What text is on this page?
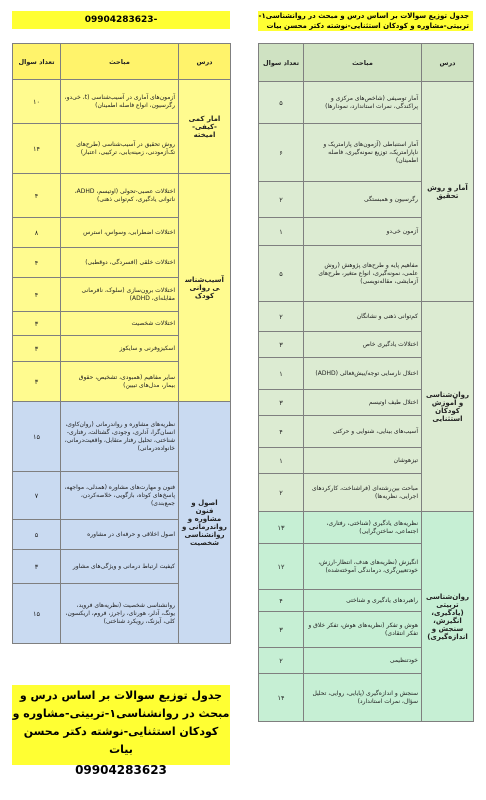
09904283623-	جدول توزیع سوالات بر اساس درس و مبحث در روانشناسی۱-تربیتی-مشاوره و کودکان استثنایی-نوشته دکتر محسن بیات
درس	مباحث	تعداد سوال
امار کمی -کیفی-امیخته	آزمون‌های آماری در آسیب‌شناسی (t، خی‌دو، رگرسیون، انواع فاصله اطمینان)	۱۰
	روش تحقیق در آسیب‌شناسی (طرح‌های تک‌آزمودنی، زمینه‌یابی، ترکیبی، اعتبار)	۱۴
آسیب‌شناسی روانی کودک	اختلالات عصبی-تحولی (اوتیسم، ADHD، ناتوانی یادگیری، کم‌توانی ذهنی)	۴
	اختلالات اضطرابی، وسواس، استرس	۸
	اختلالات خلقی (افسردگی، دوقطبی)	۴
	اختلالات برون‌سازی (سلوک، نافرمانی مقابله‌ای، ADHD)	۴
	اختلالات شخصیت	۳
	اسکیزوفرنی و سایکوز	۳
	سایر مفاهیم (همبودی، تشخیص، حقوق بیمار، مدل‌های تبیین)	۳
اصول و فنون مشاوره و رواندرمانی و روانشناسی شخصیت	نظریه‌های مشاوره و رواندرمانی (روان‌کاوی، انسان‌گرا، آدلری، وجودی، گشتالت، رفتاری-شناختی، تحلیل رفتار متقابل، واقعیت‌درمانی، خانواده‌درمانی)	۱۵
	فنون و مهارت‌های مشاوره (همدلی، مواجهه، پاسخ‌های کوتاه، بازگویی، خلاصه‌کردن، جمع‌بندی)	۷
	اصول اخلاقی و حرفه‌ای در مشاوره	۵
	کیفیت ارتباط درمانی و ویژگی‌های مشاور	۳
	روانشناسی شخصیت (نظریه‌های فروید، یونگ، آدلر، هورنای، راجرز، فروم، اریکسون، کلی، آیزنک، رویکرد شناختی)	۱۵
جدول توزیع سوالات بر اساس درس و مبحث در روانشناسی۱-تربیتی-مشاوره و کودکان استثنایی-نوشته دکتر محسن بیات
09904283623
درس	مباحث	تعداد سوال
آمار و روش تحقیق	آمار توصیفی (شاخص‌های مرکزی و پراکندگی، نمرات استاندارد، نمودارها)	۵
	آمار استنباطی (آزمون‌های پارامتریک و ناپارامتریک، توزیع نمونه‌گیری، فاصله اطمینان)	۶
	رگرسیون و همبستگی	۲
	آزمون خی‌دو	۱
	مفاهیم پایه و طرح‌های پژوهش (روش علمی، نمونه‌گیری، انواع متغیر، طرح‌های آزمایشی، مقاله‌نویسی)	۵
روان‌شناسی و آموزش کودکان استثنایی	کم‌توانی ذهنی و نشانگان	۲
	اختلالات یادگیری خاص	۳
	اختلال نارسایی توجه/بیش‌فعالی (ADHD)	۱
	اختلال طیف اوتیسم	۳
	آسیب‌های بینایی، شنوایی و حرکتی	۴
	تیزهوشان	۱
	مباحث بین‌رشته‌ای (فراشناخت، کارکردهای اجرایی، نظریه‌ها)	۲
روان‌شناسی تربیتی (یادگیری، انگیزش، سنجش و اندازه‌گیری)	نظریه‌های یادگیری (شناختی، رفتاری، اجتماعی، ساختن‌گرایی)	۱۳
	انگیزش (نظریه‌های هدف، انتظار-ارزش، خودتعیین‌گری، درماندگی آموخته‌شده)	۱۲
	راهبردهای یادگیری و شناختی	۴
	هوش و تفکر (نظریه‌های هوش، تفکر خلاق و تفکر انتقادی)	۳
	خودتنظیمی	۲
	سنجش و اندازه‌گیری (پایایی، روایی، تحلیل سؤال، نمرات استاندارد)	۱۴
